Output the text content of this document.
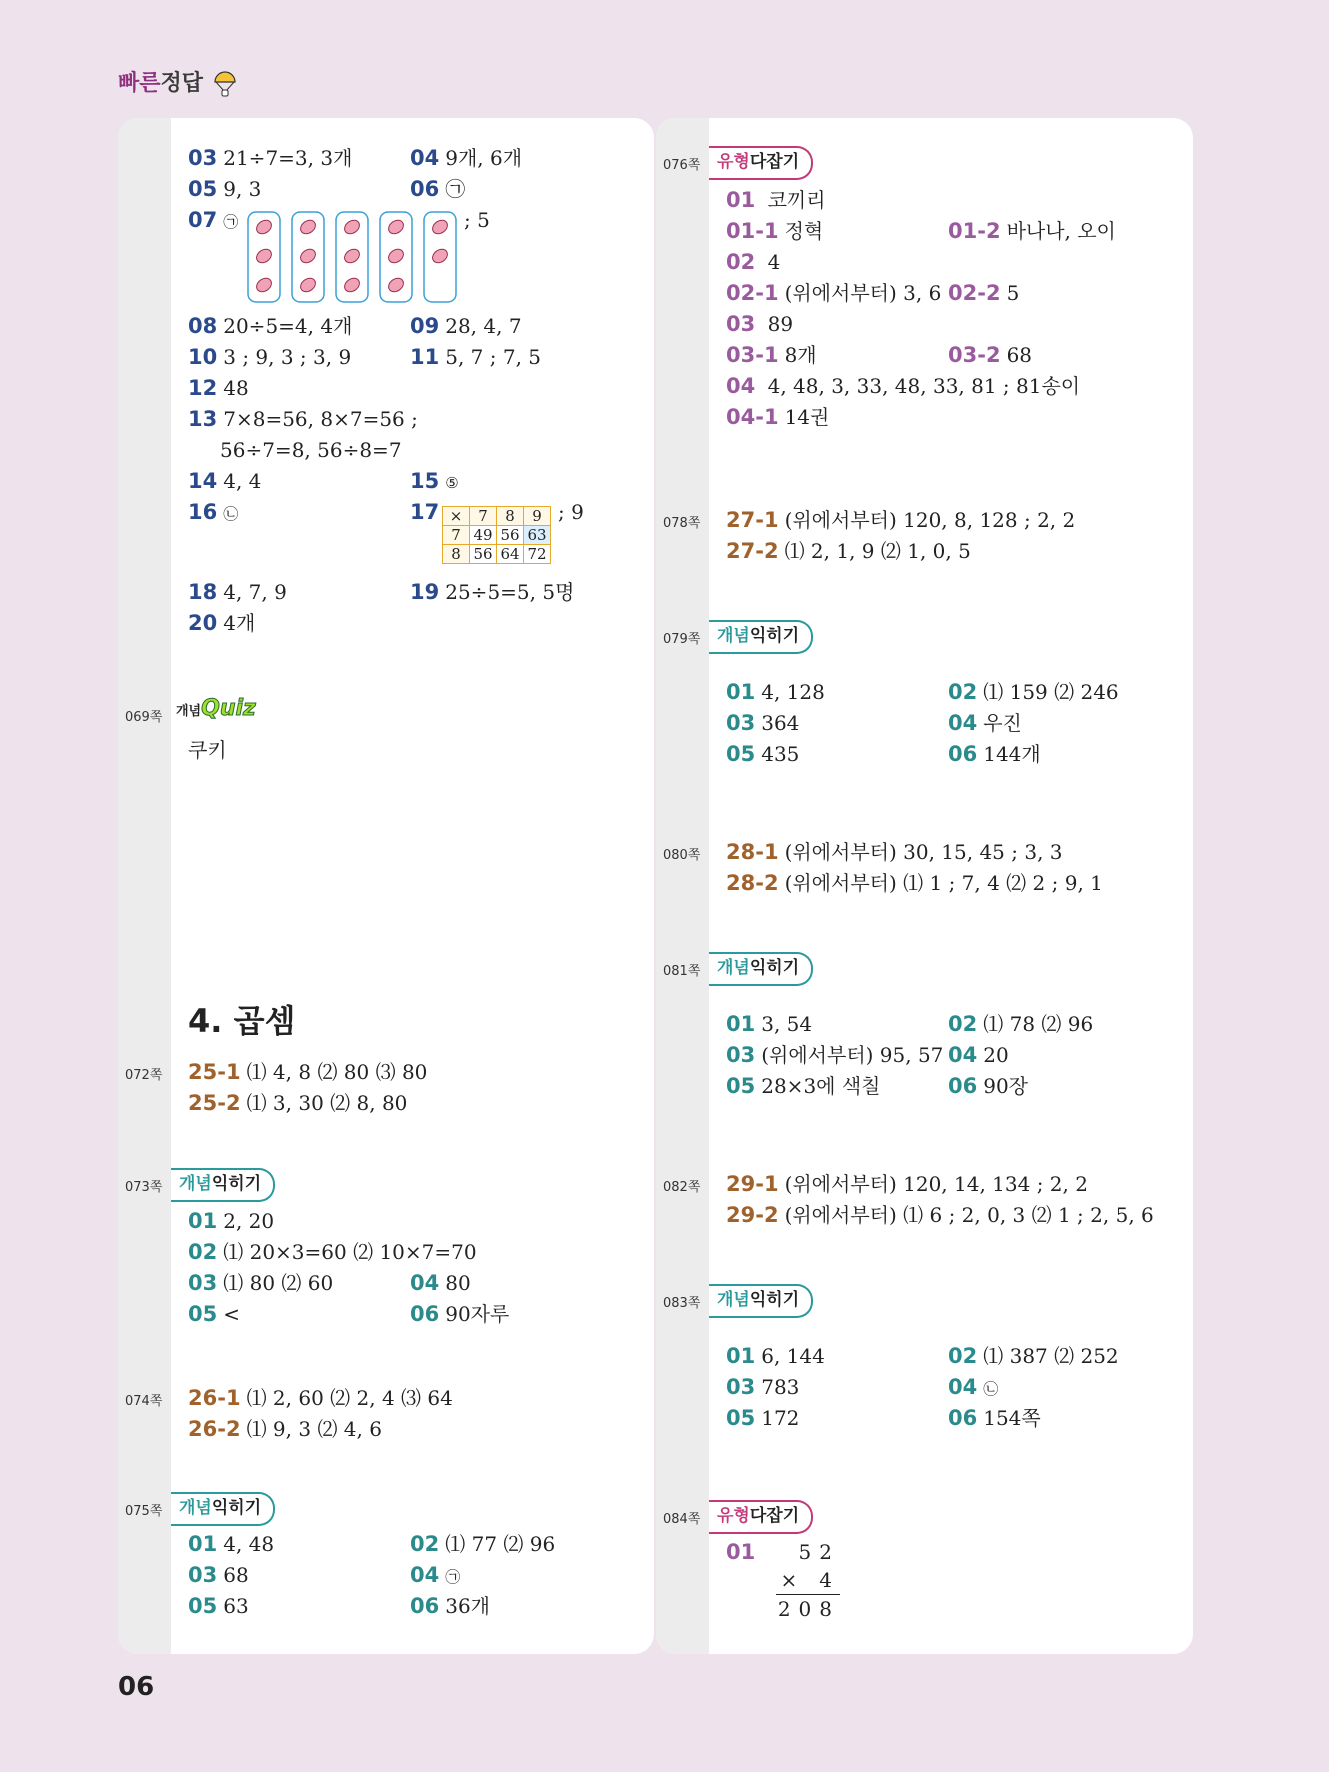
빠른정답
03 21÷7=3, 3개	04 9개, 6개
05 9, 3	06 ㉠
07 ㉠	; 5
08 20÷5=4, 4개	09 28, 4, 7
10 3 ; 9, 3 ; 3, 9	11 5, 7 ; 7, 5
12 48
13 7×8=56, 8×7=56 ;
56÷7=8, 56÷8=7
14 4, 4	15 ⑤
16 ㉡	17 ×	7	8	9
7	49	56	63
8	56	64	72
; 9
18 4, 7, 9	19 25÷5=5, 5명
20 4개
069쪽 개념Quiz
쿠키
4. 곱셈
072쪽 25-1 ⑴ 4, 8 ⑵ 80 ⑶ 80
25-2 ⑴ 3, 30 ⑵ 8, 80
073쪽 개념익히기
01 2, 20
02 ⑴ 20×3=60 ⑵ 10×7=70
03 ⑴ 80 ⑵ 60	04 80
05 <	06 90자루
074쪽 26-1 ⑴ 2, 60 ⑵ 2, 4 ⑶ 64
26-2 ⑴ 9, 3 ⑵ 4, 6
075쪽 개념익히기
01 4, 48	02 ⑴ 77 ⑵ 96
03 68	04 ㉠
05 63	06 36개
076쪽 유형다잡기
01 코끼리
01-1 정혁	01-2 바나나, 오이
02 4
02-1 (위에서부터) 3, 6 02-2 5
03 89
03-1 8개	03-2 68
04 4, 48, 3, 33, 48, 33, 81 ; 81송이
04-1 14권
078쪽 27-1 (위에서부터) 120, 8, 128 ; 2, 2
27-2 ⑴ 2, 1, 9 ⑵ 1, 0, 5
079쪽 개념익히기
01 4, 128	02 ⑴ 159 ⑵ 246
03 364	04 우진
05 435	06 144개
080쪽 28-1 (위에서부터) 30, 15, 45 ; 3, 3
28-2 (위에서부터) ⑴ 1 ; 7, 4 ⑵ 2 ; 9, 1
081쪽 개념익히기
01 3, 54	02 ⑴ 78 ⑵ 96
03 (위에서부터) 95, 57 04 20
05 28×3에 색칠	06 90장
082쪽 29-1 (위에서부터) 120, 14, 134 ; 2, 2
29-2 (위에서부터) ⑴ 6 ; 2, 0, 3 ⑵ 1 ; 2, 5, 6
083쪽 개념익히기
01 6, 144	02 ⑴ 387 ⑵ 252
03 783	04 ㉡
05 172	06 154쪽
084쪽 유형다잡기
01	52
× 4
208
06
